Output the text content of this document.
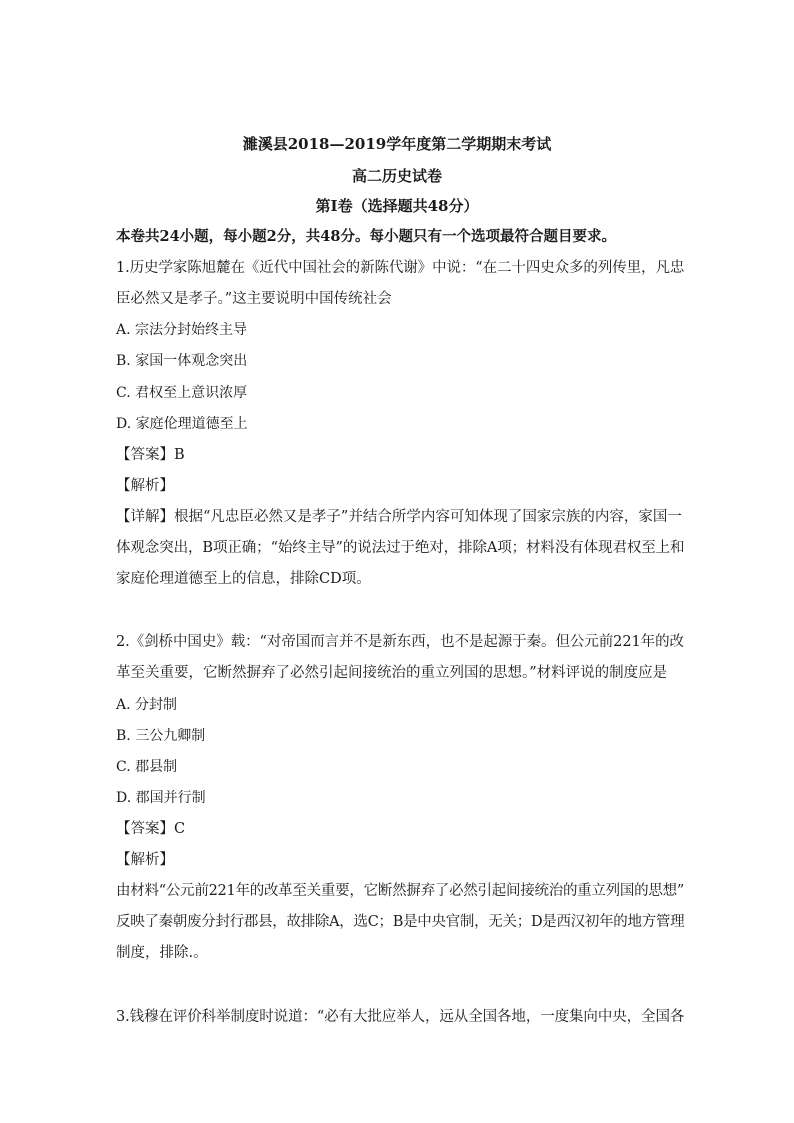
濉溪县2018—2019学年度第二学期期末考试
高二历史试卷
第Ⅰ卷（选择题共48分）
本卷共24小题，每小题2分，共48分。每小题只有一个选项最符合题目要求。
1.历史学家陈旭麓在《近代中国社会的新陈代谢》中说：“在二十四史众多的列传里，凡忠
臣必然又是孝子。”这主要说明中国传统社会
A. 宗法分封始终主导
B. 家国一体观念突出
C. 君权至上意识浓厚
D. 家庭伦理道德至上
【答案】B
【解析】
【详解】根据“凡忠臣必然又是孝子”并结合所学内容可知体现了国家宗族的内容，家国一
体观念突出，B项正确；“始终主导”的说法过于绝对，排除A项；材料没有体现君权至上和
家庭伦理道德至上的信息，排除CD项。
2.《剑桥中国史》载：“对帝国而言并不是新东西，也不是起源于秦。但公元前221年的改
革至关重要，它断然摒弃了必然引起间接统治的重立列国的思想。”材料评说的制度应是
A. 分封制
B. 三公九卿制
C. 郡县制
D. 郡国并行制
【答案】C
【解析】
由材料“公元前221年的改革至关重要，它断然摒弃了必然引起间接统治的重立列国的思想”
反映了秦朝废分封行郡县，故排除A，选C；B是中央官制，无关；D是西汉初年的地方管理
制度，排除.。
3.钱穆在评价科举制度时说道：“必有大批应举人，远从全国各地，一度集向中央，全国各
